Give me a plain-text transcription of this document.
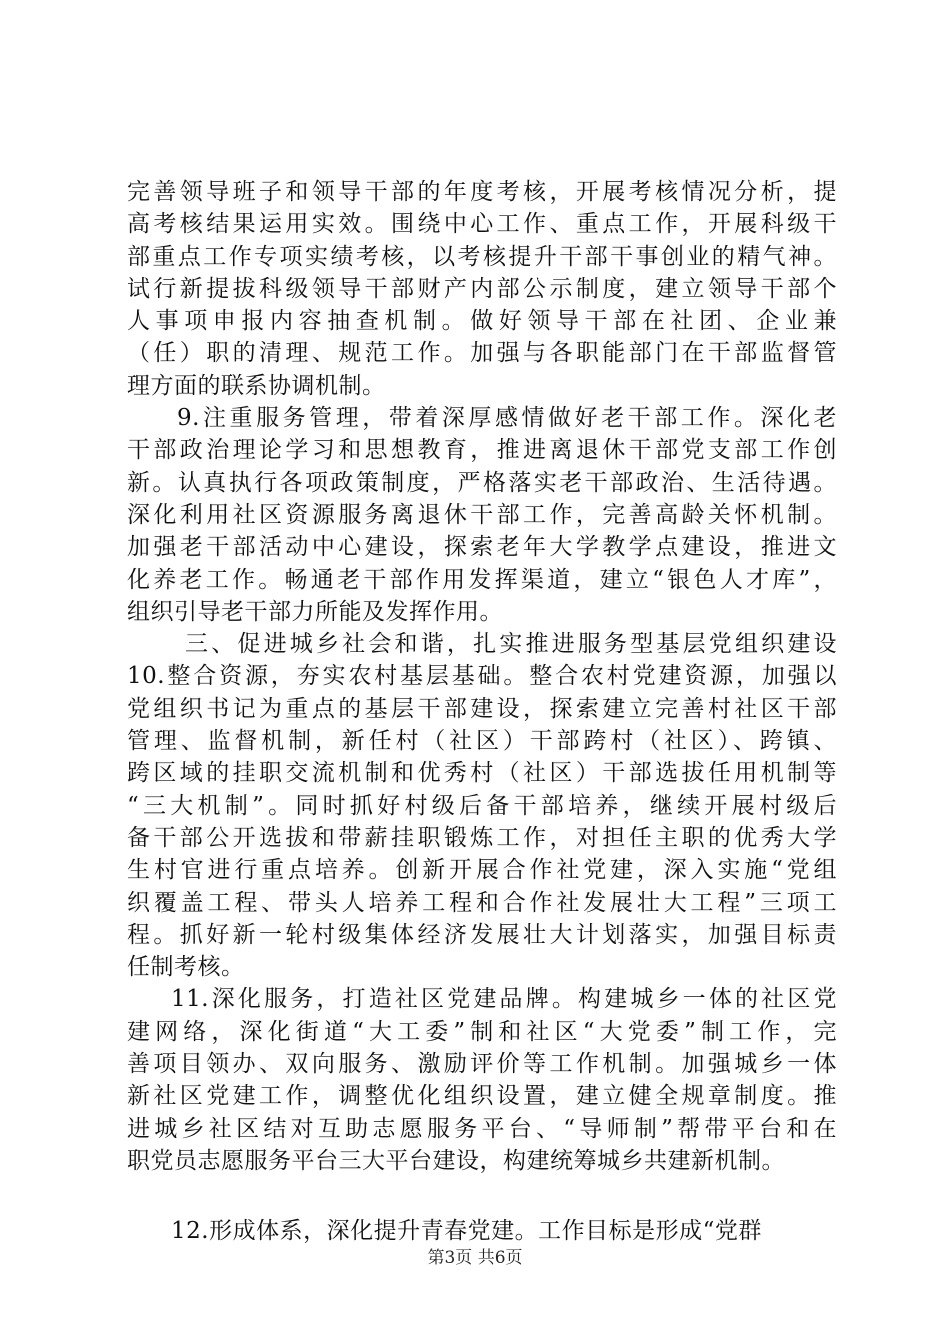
完善领导班子和领导干部的年度考核，开展考核情况分析，提
高考核结果运用实效。围绕中心工作、重点工作，开展科级干
部重点工作专项实绩考核，以考核提升干部干事创业的精气神。
试行新提拔科级领导干部财产内部公示制度，建立领导干部个
人事项申报内容抽查机制。做好领导干部在社团、企业兼
（任）职的清理、规范工作。加强与各职能部门在干部监督管
理方面的联系协调机制。
9.注重服务管理，带着深厚感情做好老干部工作。深化老
干部政治理论学习和思想教育，推进离退休干部党支部工作创
新。认真执行各项政策制度，严格落实老干部政治、生活待遇。
深化利用社区资源服务离退休干部工作，完善高龄关怀机制。
加强老干部活动中心建设，探索老年大学教学点建设，推进文
化养老工作。畅通老干部作用发挥渠道，建立“银色人才库”，
组织引导老干部力所能及发挥作用。
三、促进城乡社会和谐，扎实推进服务型基层党组织建设
10.整合资源，夯实农村基层基础。整合农村党建资源，加强以
党组织书记为重点的基层干部建设，探索建立完善村社区干部
管理、监督机制，新任村（社区）干部跨村（社区）、跨镇、
跨区域的挂职交流机制和优秀村（社区）干部选拔任用机制等
“三大机制”。同时抓好村级后备干部培养，继续开展村级后
备干部公开选拔和带薪挂职锻炼工作，对担任主职的优秀大学
生村官进行重点培养。创新开展合作社党建，深入实施“党组
织覆盖工程、带头人培养工程和合作社发展壮大工程”三项工
程。抓好新一轮村级集体经济发展壮大计划落实，加强目标责
任制考核。
11.深化服务，打造社区党建品牌。构建城乡一体的社区党
建网络，深化街道“大工委”制和社区“大党委”制工作，完
善项目领办、双向服务、激励评价等工作机制。加强城乡一体
新社区党建工作，调整优化组织设置，建立健全规章制度。推
进城乡社区结对互助志愿服务平台、“导师制”帮带平台和在
职党员志愿服务平台三大平台建设，构建统筹城乡共建新机制。
12.形成体系，深化提升青春党建。工作目标是形成“党群
第3页 共6页
